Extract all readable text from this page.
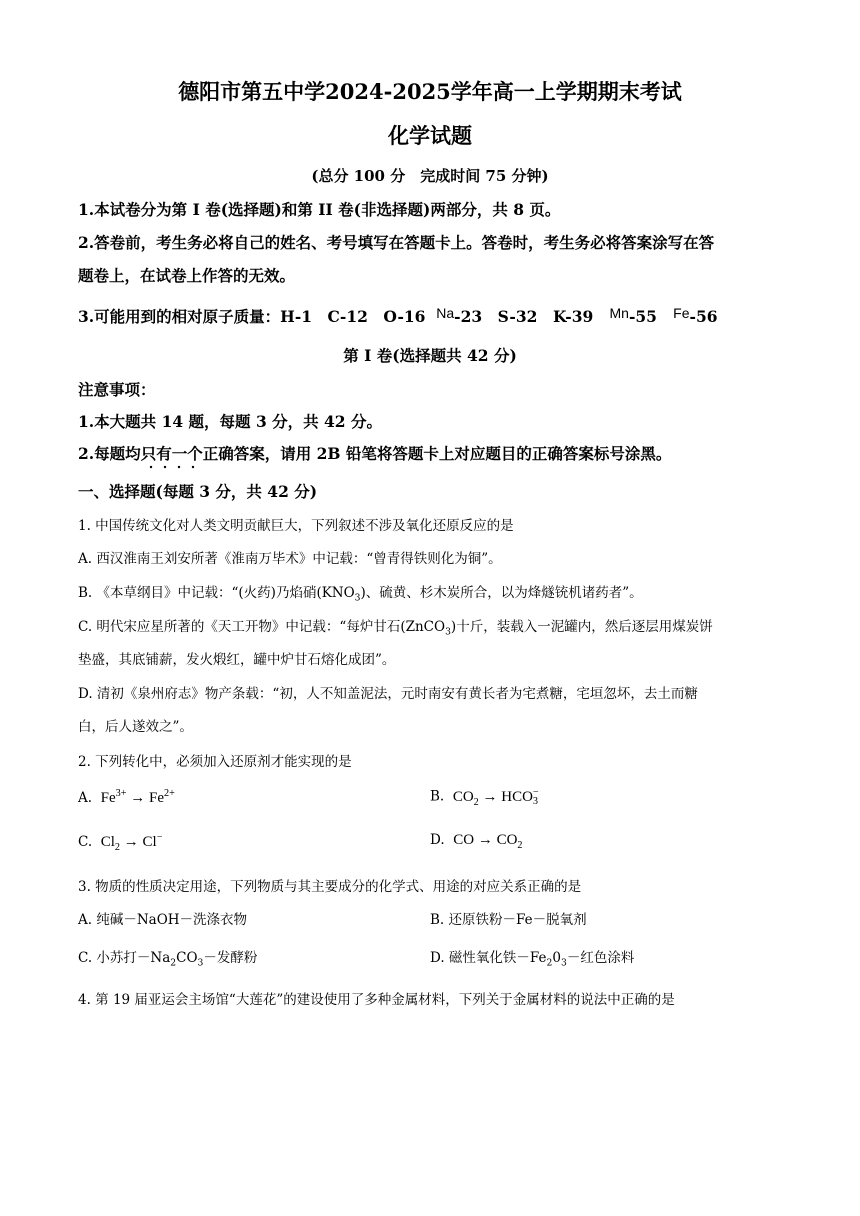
德阳市第五中学2024-2025学年高一上学期期末考试
化学试题
(总分 100 分　完成时间 75 分钟)
1.本试卷分为第 I 卷(选择题)和第 II 卷(非选择题)两部分，共 8 页。
2.答卷前，考生务必将自己的姓名、考号填写在答题卡上。答卷时，考生务必将答案涂写在答
题卷上，在试卷上作答的无效。
3.可能用到的相对原子质量：H-1　C-12　O-16 Na-23　S-32　K-39 Mn-55 Fe-56
第 I 卷(选择题共 42 分)
注意事项：
1.本大题共 14 题，每题 3 分，共 42 分。
2.每题均只有一个正确答案，请用 2B 铅笔将答题卡上对应题目的正确答案标号涂黑。
一、选择题(每题 3 分，共 42 分)
1. 中国传统文化对人类文明贡献巨大，下列叙述不涉及氧化还原反应的是
A. 西汉淮南王刘安所著《淮南万毕术》中记载：“曾青得铁则化为铜”。
B. 《本草纲目》中记载：“(火药)乃焰硝$(KNO_3)$、硫黄、杉木炭所合，以为烽燧铳机诸药者”。
C. 明代宋应星所著的《天工开物》中记载：“每炉甘石(ZnCO$_3$)十斤，装载入一泥罐内，然后逐层用煤炭饼
垫盛，其底铺薪，发火煅红，罐中炉甘石熔化成团”。
D. 清初《泉州府志》物产条载：“初，人不知盖泥法，元时南安有黄长者为宅煮糖，宅垣忽坏，去土而糖
白，后人遂效之”。
2. 下列转化中，必须加入还原剂才能实现的是
A. $Fe^{3+} \to Fe^{2+}$	B. $CO_2$ → HCO −
3
C. $Cl_2 \to Cl^-$	D. CO → $CO_2$
3. 物质的性质决定用途，下列物质与其主要成分的化学式、用途的对应关系正确的是
A. 纯碱－NaOH－洗涤衣物	B. 还原铁粉－Fe－脱氧剂
C. 小苏打$-Na_2CO_3-$发酵粉	D. 磁性氧化铁$-Fe_20_3-$红色涂料
4. 第 19 届亚运会主场馆“大莲花”的建设使用了多种金属材料，下列关于金属材料的说法中正确的是
